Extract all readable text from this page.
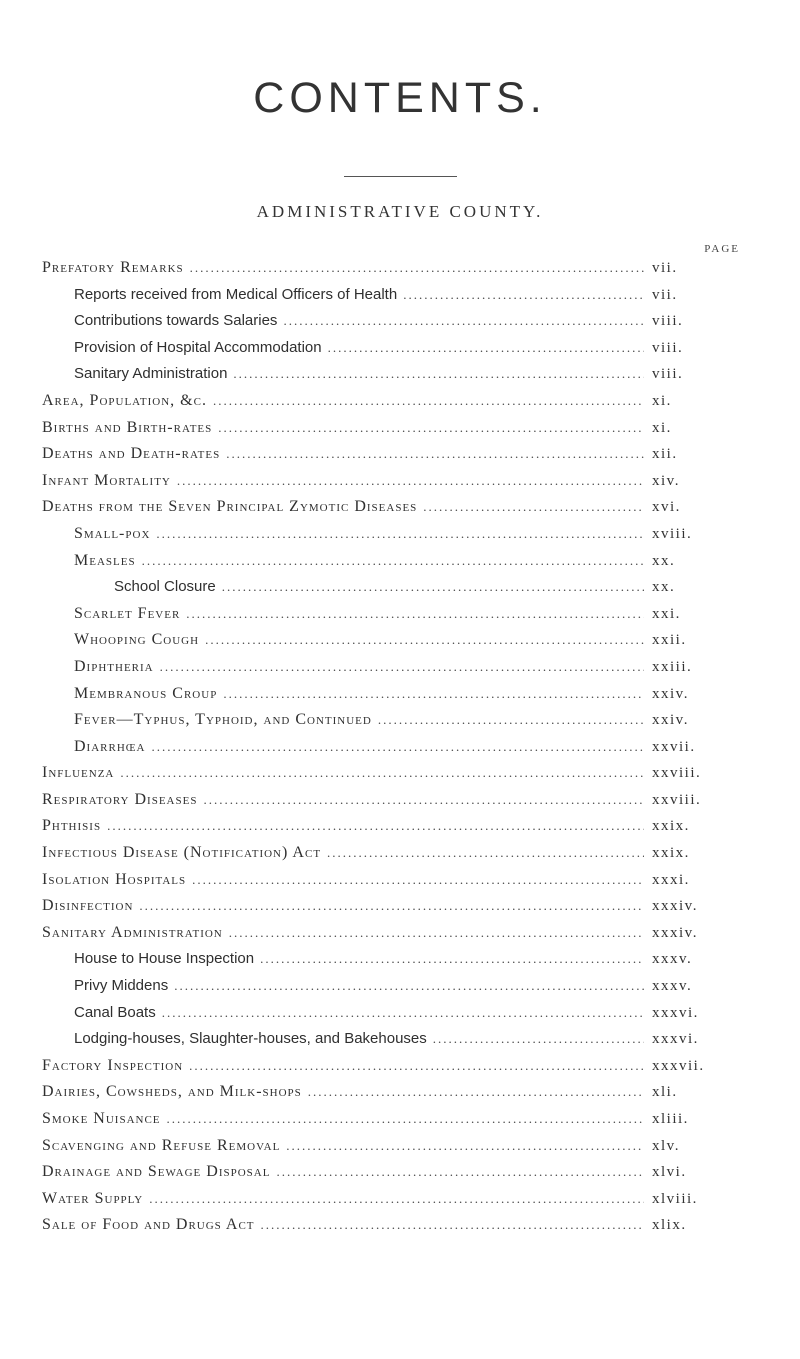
CONTENTS.
ADMINISTRATIVE COUNTY.
PAGE
Prefatory Remarks .....	vii.
Reports received from Medical Officers of Health .....	vii.
Contributions towards Salaries .....	viii.
Provision of Hospital Accommodation .....	viii.
Sanitary Administration .....	viii.
Area, Population, &c. .....	xi.
Births and Birth-rates .....	xi.
Deaths and Death-rates .....	xii.
Infant Mortality .....	xiv.
Deaths from the Seven Principal Zymotic Diseases .....	xvi.
Small-pox .....	xviii.
Measles .....	xx.
School Closure .....	xx.
Scarlet Fever .....	xxi.
Whooping Cough .....	xxii.
Diphtheria .....	xxiii.
Membranous Croup .....	xxiv.
Fever—Typhus, Typhoid, and Continued .....	xxiv.
Diarrhœa .....	xxvii.
Influenza .....	xxviii.
Respiratory Diseases .....	xxviii.
Phthisis .....	xxix.
Infectious Disease (Notification) Act .....	xxix.
Isolation Hospitals .....	xxxi.
Disinfection .....	xxxiv.
Sanitary Administration .....	xxxiv.
House to House Inspection .....	xxxv.
Privy Middens .....	xxxv.
Canal Boats .....	xxxvi.
Lodging-houses, Slaughter-houses, and Bakehouses .....	xxxvi.
Factory Inspection .....	xxxvii.
Dairies, Cowsheds, and Milk-shops .....	xli.
Smoke Nuisance .....	xliii.
Scavenging and Refuse Removal .....	xlv.
Drainage and Sewage Disposal .....	xlvi.
Water Supply .....	xlviii.
Sale of Food and Drugs Act .....	xlix.
